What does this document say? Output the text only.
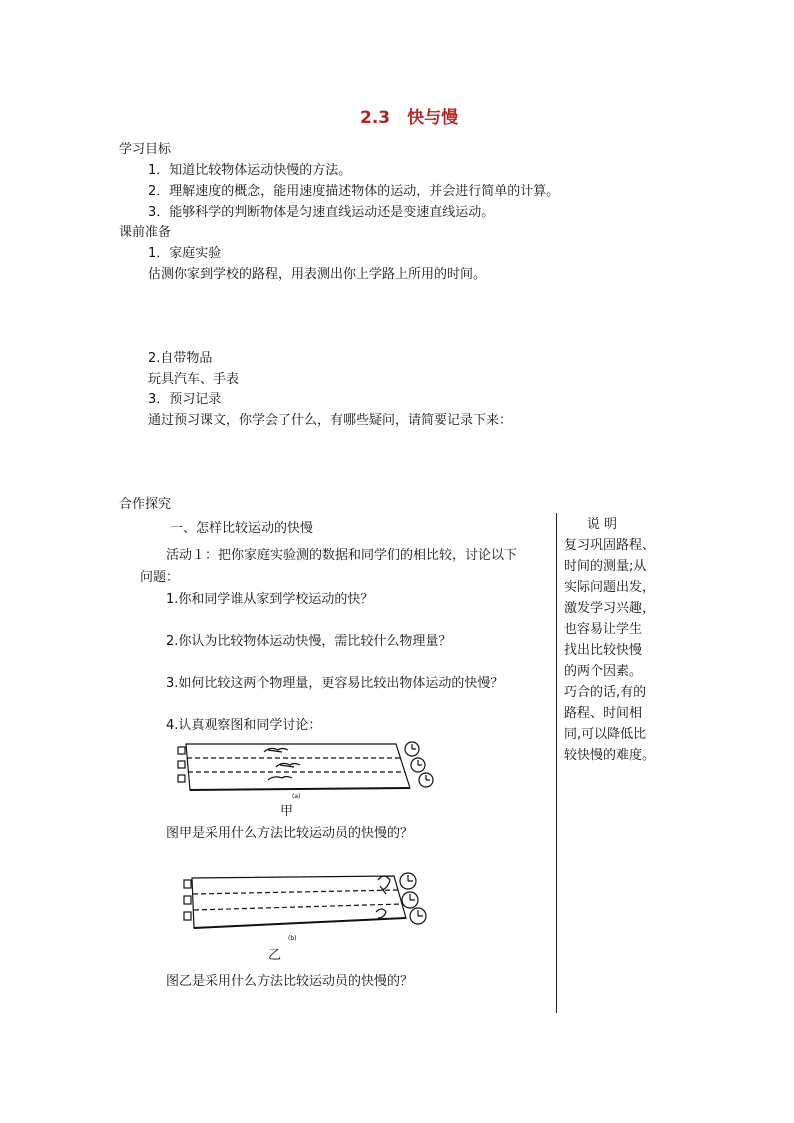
2.3　快与慢
学习目标
1．知道比较物体运动快慢的方法。
2．理解速度的概念，能用速度描述物体的运动，并会进行简单的计算。
3．能够科学的判断物体是匀速直线运动还是变速直线运动。
课前准备
1．家庭实验
估测你家到学校的路程，用表测出你上学路上所用的时间。
2.自带物品
玩具汽车、手表
3．预习记录
通过预习课文，你学会了什么，有哪些疑问，请简要记录下来：
合作探究
一、怎样比较运动的快慢
活动１：把你家庭实验测的数据和同学们的相比较，讨论以下
问题：
1.你和同学谁从家到学校运动的快？
2.你认为比较物体运动快慢，需比较什么物理量？
3.如何比较这两个物理量，更容易比较出物体运动的快慢？
4.认真观察图和同学讨论：
(a)
甲
图甲是采用什么方法比较运动员的快慢的？
(b)
乙
图乙是采用什么方法比较运动员的快慢的？
说 明
复习巩固路程、
时间的测量;从
实际问题出发，
激发学习兴趣，
也容易让学生
找出比较快慢
的两个因素。
巧合的话,有的
路程、时间相
同,可以降低比
较快慢的难度。
